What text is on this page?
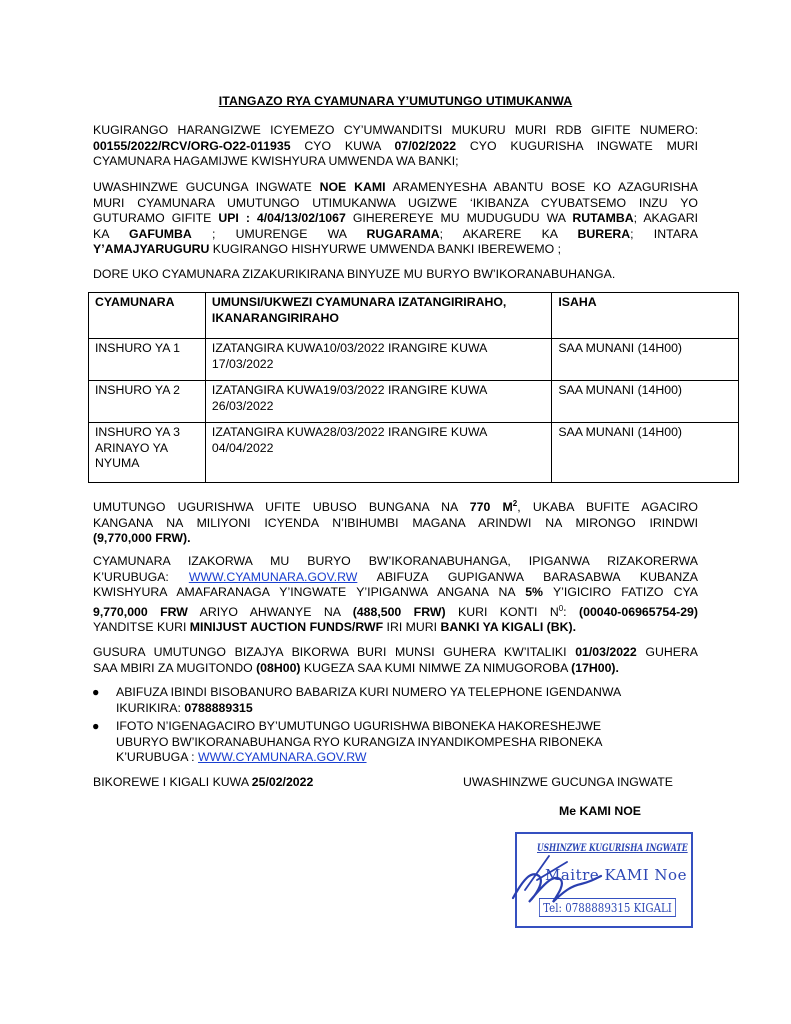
ITANGAZO RYA CYAMUNARA Y’UMUTUNGO UTIMUKANWA
KUGIRANGO HARANGIZWE ICYEMEZO CY’UMWANDITSI MUKURU MURI RDB GIFITE NUMERO:
00155/2022/RCV/ORG-O22-011935 CYO KUWA 07/02/2022 CYO KUGURISHA INGWATE MURI
CYAMUNARA HAGAMIJWE KWISHYURA UMWENDA WA BANKI;
UWASHINZWE GUCUNGA INGWATE NOE KAMI ARAMENYESHA ABANTU BOSE KO AZAGURISHA
MURI CYAMUNARA UMUTUNGO UTIMUKANWA UGIZWE ‘IKIBANZA CYUBATSEMO INZU YO
GUTURAMO GIFITE UPI : 4/04/13/02/1067 GIHEREREYE MU MUDUGUDU WA RUTAMBA; AKAGARI
KA GAFUMBA ; UMURENGE WA RUGARAMA; AKARERE KA BURERA; INTARA
Y’AMAJYARUGURU KUGIRANGO HISHYURWE UMWENDA BANKI IBEREWEMO ;
DORE UKO CYAMUNARA ZIZAKURIKIRANA BINYUZE MU BURYO BW’IKORANABUHANGA.
CYAMUNARA	UMUNSI/UKWEZI CYAMUNARA IZATANGIRIRAHO, IKANARANGIRIRAHO	ISAHA
INSHURO YA 1	IZATANGIRA KUWA10/03/2022 IRANGIRE KUWA 17/03/2022	SAA MUNANI (14H00)
INSHURO YA 2	IZATANGIRA KUWA19/03/2022 IRANGIRE KUWA 26/03/2022	SAA MUNANI (14H00)
INSHURO YA 3 ARINAYO YA NYUMA	IZATANGIRA KUWA28/03/2022 IRANGIRE KUWA 04/04/2022	SAA MUNANI (14H00)
UMUTUNGO UGURISHWA UFITE UBUSO BUNGANA NA 770 $M^2$, UKABA BUFITE AGACIRO
KANGANA NA MILIYONI ICYENDA N’IBIHUMBI MAGANA ARINDWI NA MIRONGO IRINDWI
(9,770,000 FRW).
CYAMUNARA IZAKORWA MU BURYO BW’IKORANABUHANGA, IPIGANWA RIZAKORERWA
K’URUBUGA: WWW.CYAMUNARA.GOV.RW ABIFUZA GUPIGANWA BARASABWA KUBANZA
KWISHYURA AMAFARANAGA Y’INGWATE Y’IPIGANWA ANGANA NA 5% Y’IGICIRO FATIZO CYA
9,770,000 FRW ARIYO AHWANYE NA (488,500 FRW) KURI KONTI $N^0$: (00040-06965754-29)
YANDITSE KURI MINIJUST AUCTION FUNDS/RWF IRI MURI BANKI YA KIGALI (BK).
GUSURA UMUTUNGO BIZAJYA BIKORWA BURI MUNSI GUHERA KW’ITALIKI 01/03/2022 GUHERA
SAA MBIRI ZA MUGITONDO (08H00) KUGEZA SAA KUMI NIMWE ZA NIMUGOROBA (17H00).
● ABIFUZA IBINDI BISOBANURO BABARIZA KURI NUMERO YA TELEPHONE IGENDANWA
IKURIKIRA: 0788889315
● IFOTO N’IGENAGACIRO BY’UMUTUNGO UGURISHWA BIBONEKA HAKORESHEJWE
UBURYO BW’IKORANABUHANGA RYO KURANGIZA INYANDIKOMPESHA RIBONEKA
K’URUBUGA : WWW.CYAMUNARA.GOV.RW
BIKOREWE I KIGALI KUWA 25/02/2022	UWASHINZWE GUCUNGA INGWATE
Me KAMI NOE
USHINZWE KUGURISHA INGWATE
Maitre KAMI Noe
Tel: 0788889315 KIGALI
